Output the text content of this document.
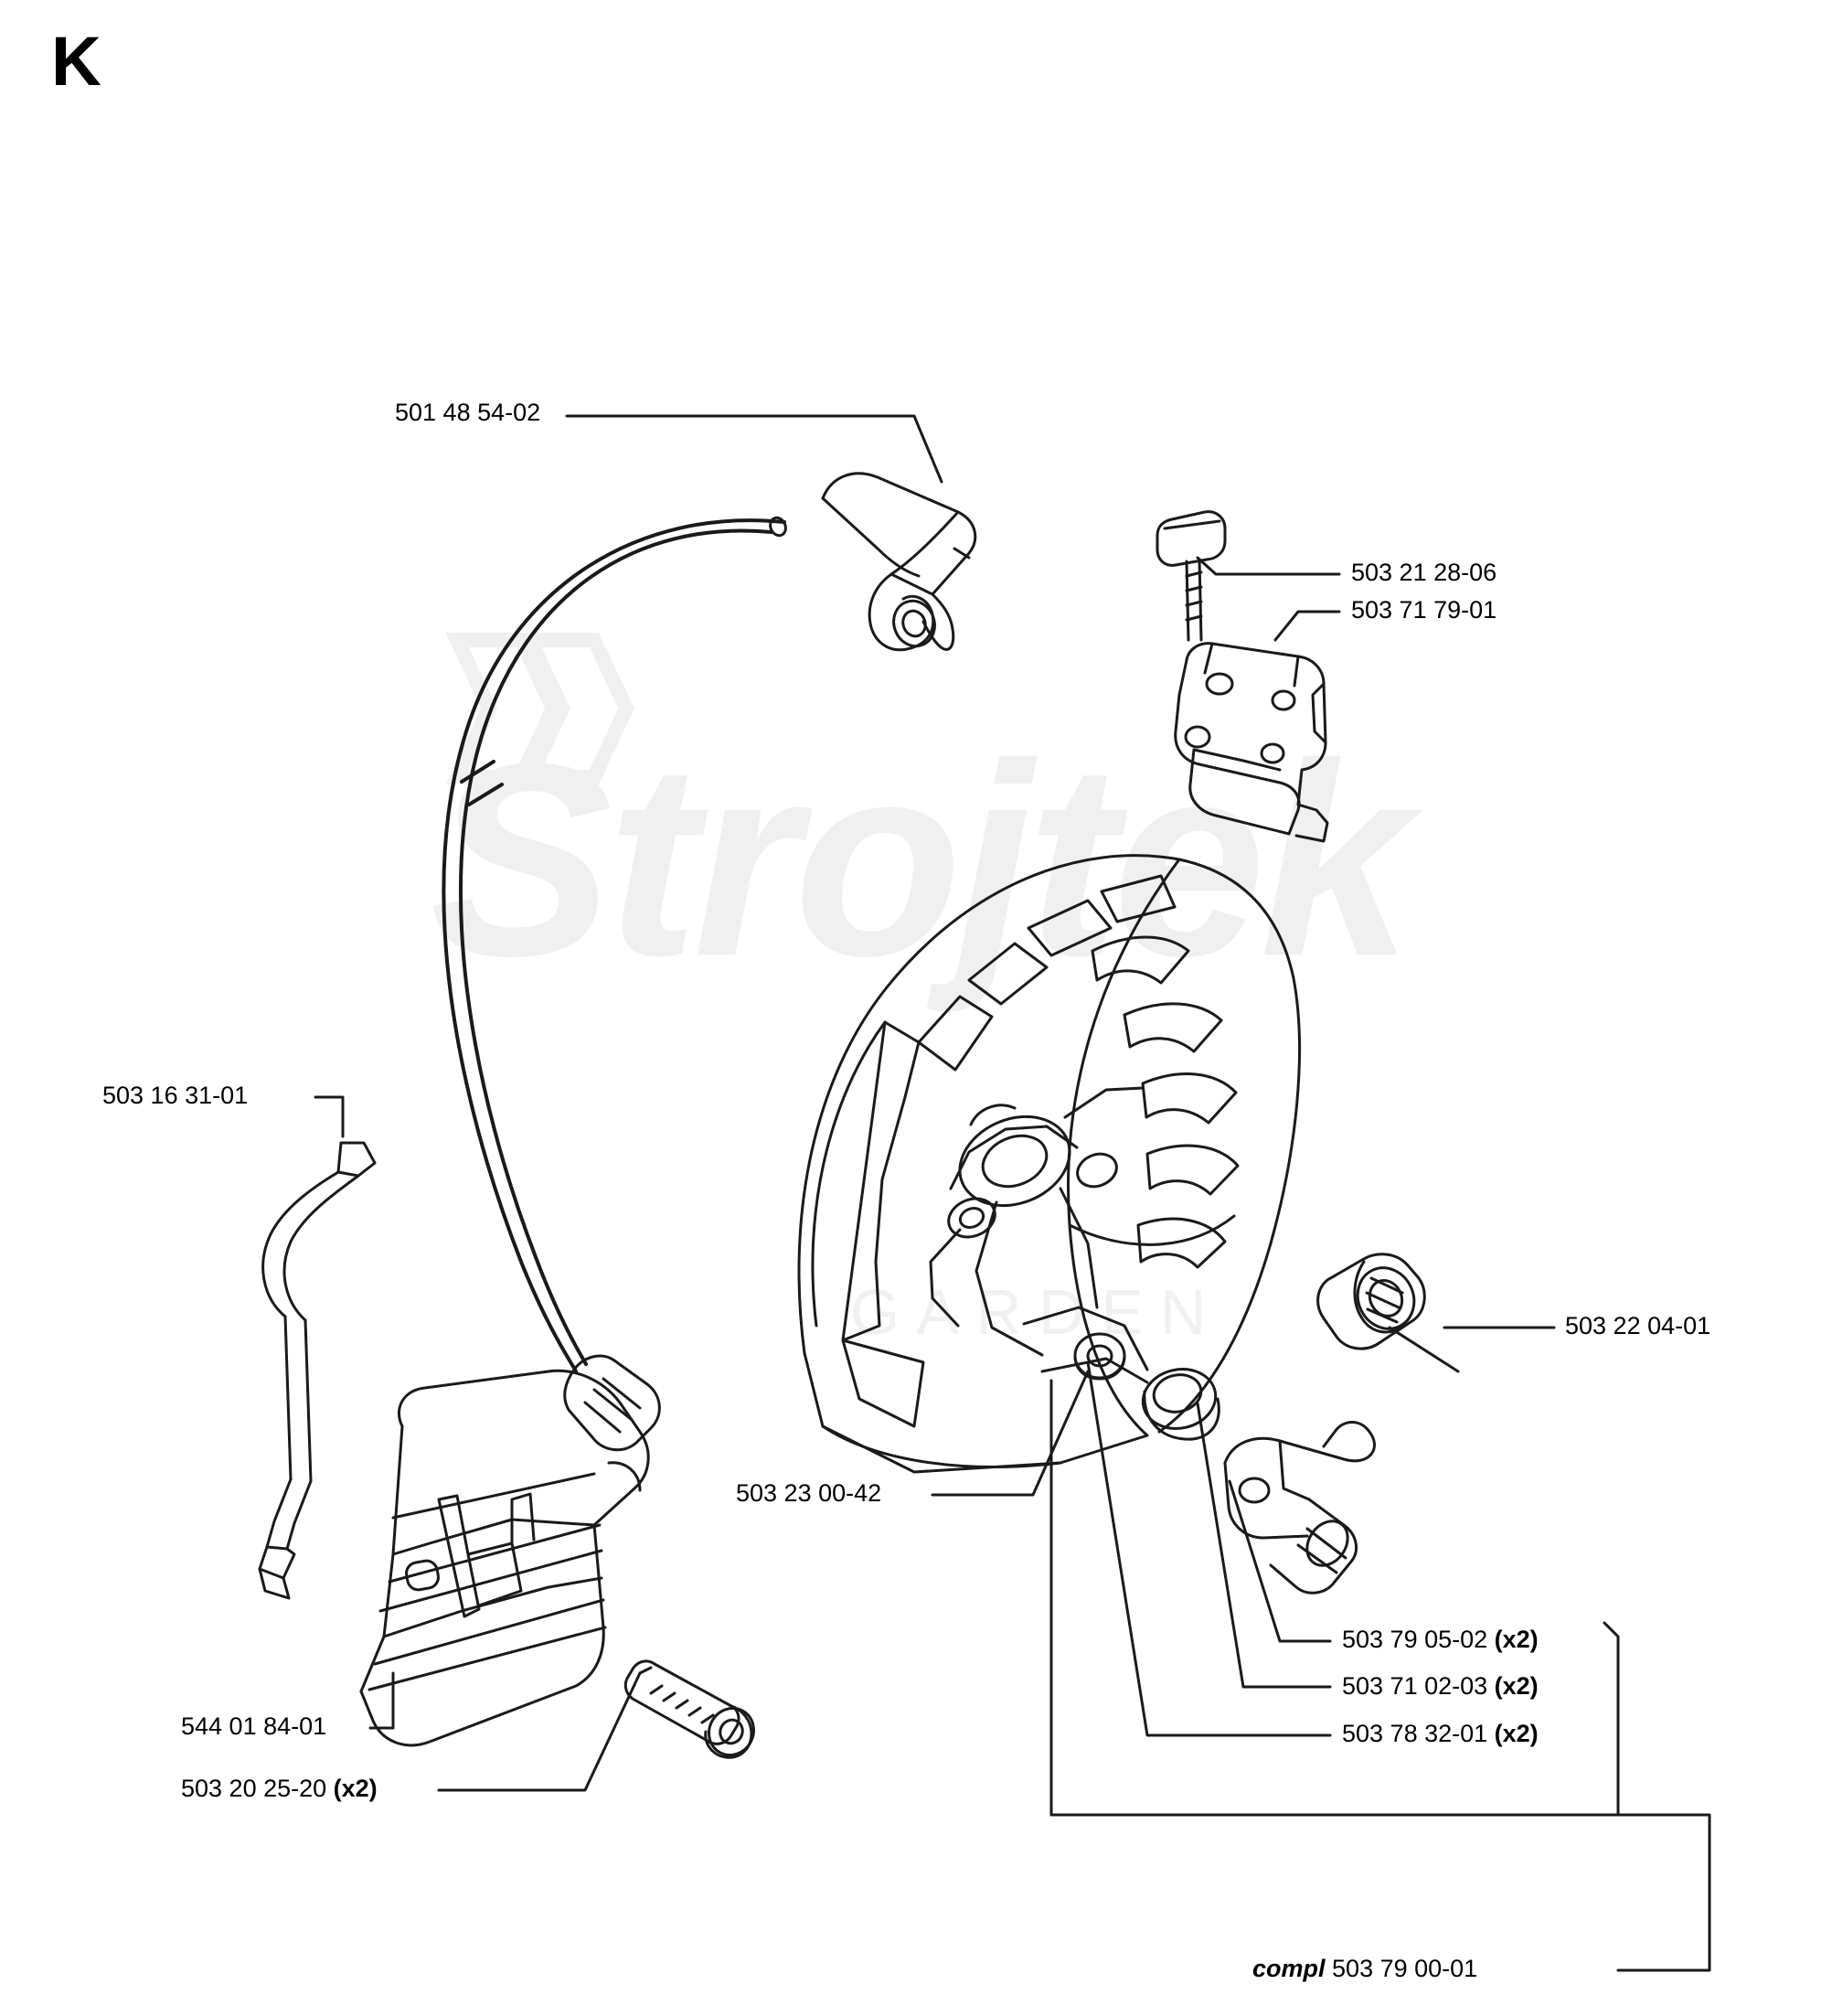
Strojtek
GARDEN
K
501 48 54-02
503 21 28-06
503 71 79-01
503 16 31-01
503 22 04-01
503 23 00-42
503 79 05-02 (x2)
503 71 02-03 (x2)
503 78 32-01 (x2)
544 01 84-01
503 20 25-20 (x2)
compl 503 79 00-01
